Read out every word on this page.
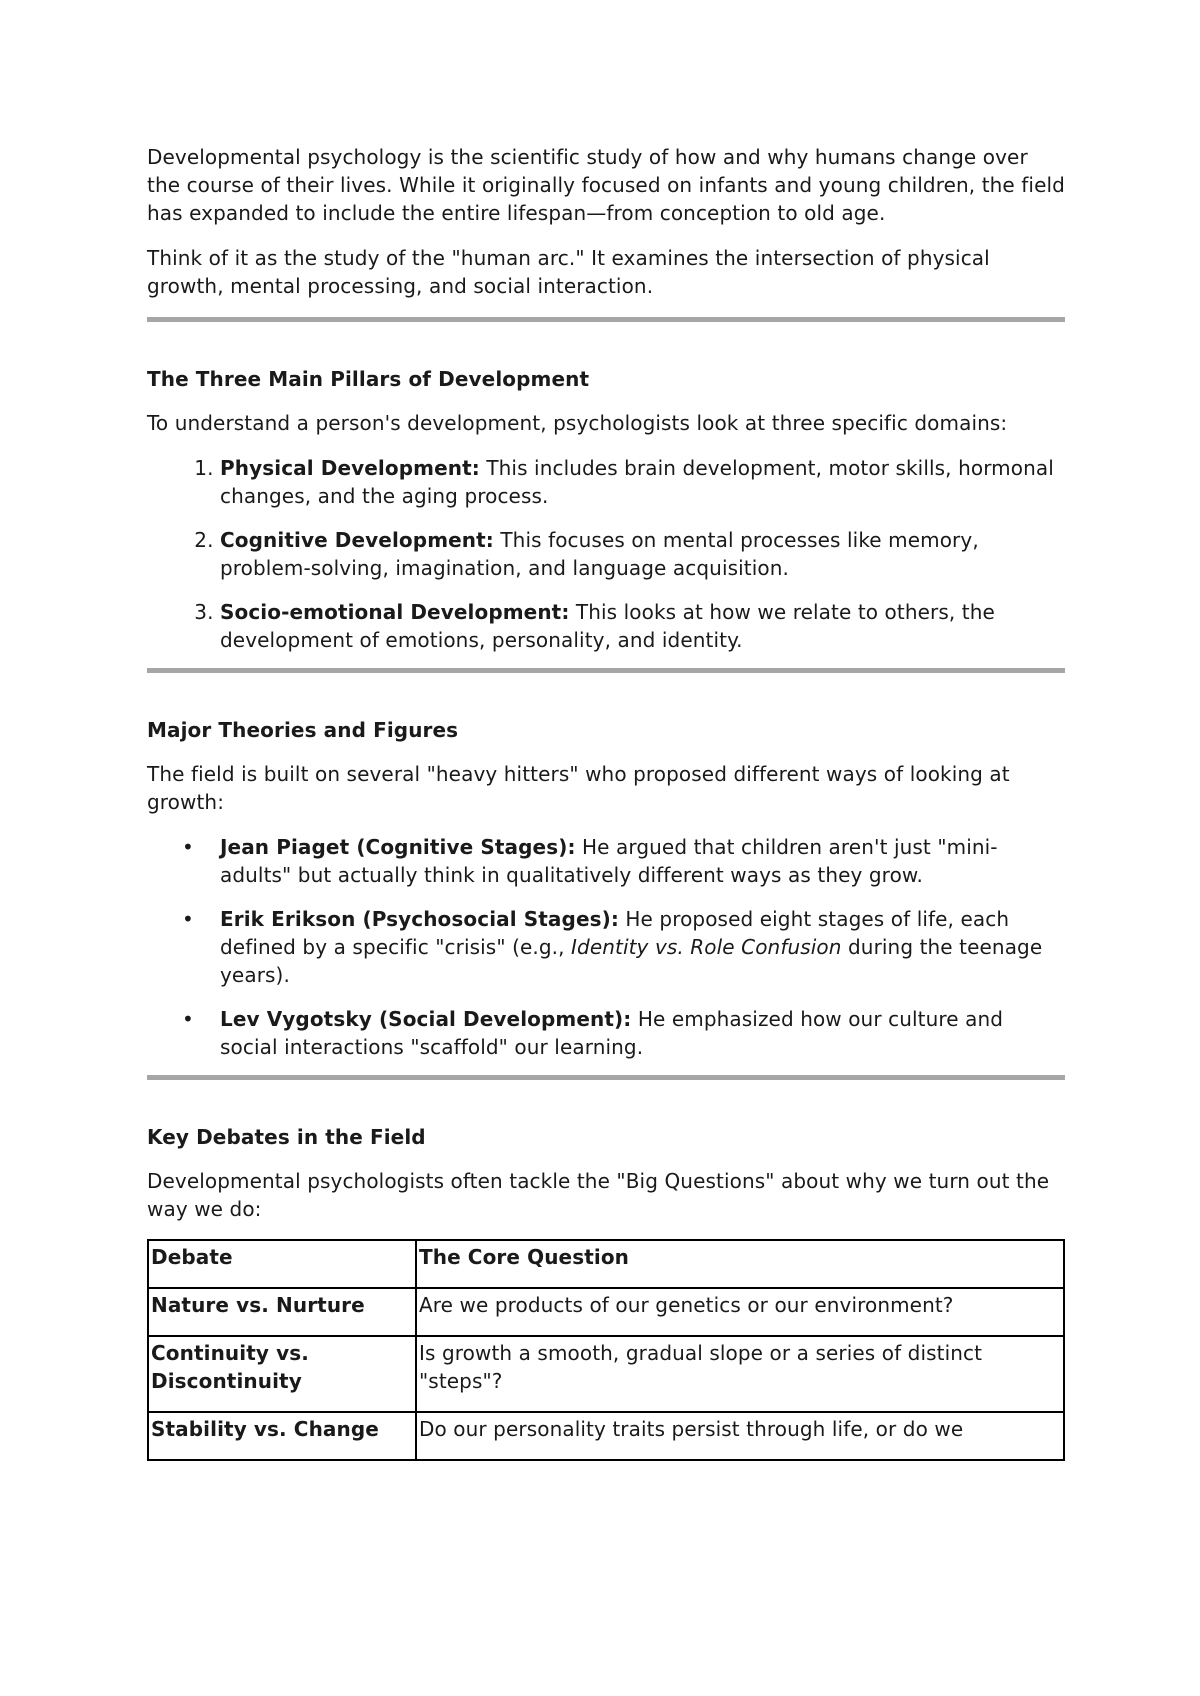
Developmental psychology is the scientific study of how and why humans change over the course of their lives. While it originally focused on infants and young children, the field has expanded to include the entire lifespan—from conception to old age.

Think of it as the study of the "human arc." It examines the intersection of physical growth, mental processing, and social interaction.

The Three Main Pillars of Development

To understand a person's development, psychologists look at three specific domains:

1. Physical Development: This includes brain development, motor skills, hormonal changes, and the aging process.
2. Cognitive Development: This focuses on mental processes like memory, problem-solving, imagination, and language acquisition.
3. Socio-emotional Development: This looks at how we relate to others, the development of emotions, personality, and identity.
Major Theories and Figures

The field is built on several "heavy hitters" who proposed different ways of looking at growth:

• Jean Piaget (Cognitive Stages): He argued that children aren't just "mini-adults" but actually think in qualitatively different ways as they grow.
• Erik Erikson (Psychosocial Stages): He proposed eight stages of life, each defined by a specific "crisis" (e.g., Identity vs. Role Confusion during the teenage years).
• Lev Vygotsky (Social Development): He emphasized how our culture and social interactions "scaffold" our learning.
Key Debates in the Field

Developmental psychologists often tackle the "Big Questions" about why we turn out the way we do:

Debate	The Core Question
Nature vs. Nurture	Are we products of our genetics or our environment?
Continuity vs. Discontinuity	Is growth a smooth, gradual slope or a series of distinct "steps"?
Stability vs. Change	Do our personality traits persist through life, or do we
